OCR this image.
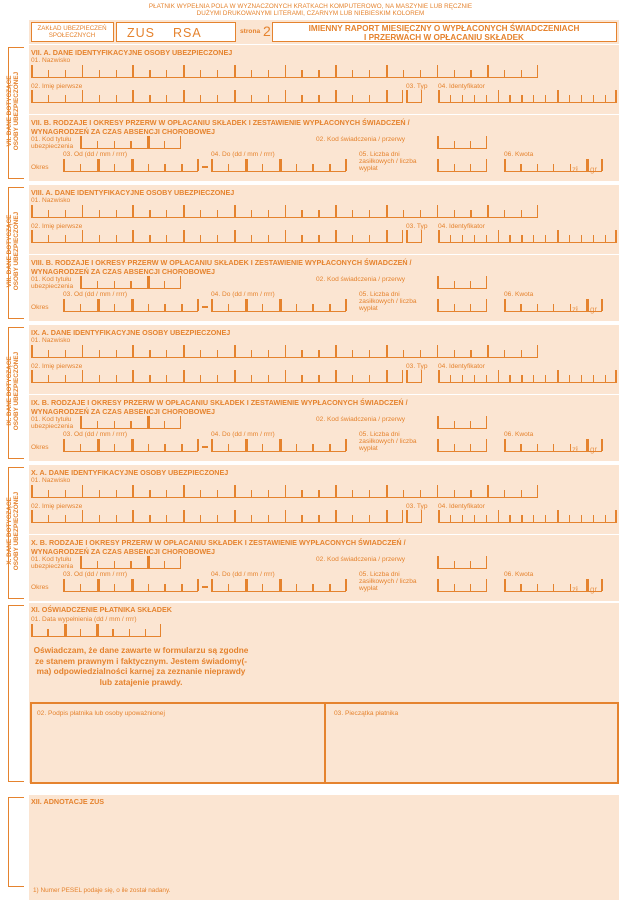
PŁATNIK WYPEŁNIA POLA W WYZNACZONYCH KRATKACH KOMPUTEROWO, NA MASZYNIE LUB RĘCZNIE
DUŻYMI DRUKOWANYMI LITERAMI, CZARNYM LUB NIEBIESKIM KOLOREM
ZAKŁAD UBEZPIECZEŃ
SPOŁECZNYCH	ZUS RSA	strona 2	IMIENNY RAPORT MIESIĘCZNY O WYPŁACONYCH ŚWIADCZENIACH
I PRZERWACH W OPŁACANIU SKŁADEK
VII. DANE DOTYCZĄCE OSOBY UBEZPIECZONEJ
VII. A. DANE IDENTYFIKACYJNE OSOBY UBEZPIECZONEJ
01. Nazwisko
02. Imię pierwsze	03. Typ 04. Identyfikator
VII. B. RODZAJE I OKRESY PRZERW W OPŁACANIU SKŁADEK I ZESTAWIENIE WYPŁACONYCH ŚWIADCZEŃ /
WYNAGRODZEŃ ZA CZAS ABSENCJI CHOROBOWEJ
01. Kod tytułu
ubezpieczenia
02. Kod świadczenia / przerwy
Okres
03. Od (dd / mm / rrrr)	04. Do (dd / mm / rrrr)	05. Liczba dni
zasiłkowych / liczba
wypłat
06. Kwota
zł gr
VIII. DANE DOTYCZĄCE OSOBY UBEZPIECZONEJ
VIII. A. DANE IDENTYFIKACYJNE OSOBY UBEZPIECZONEJ
01. Nazwisko
02. Imię pierwsze	03. Typ 04. Identyfikator
VIII. B. RODZAJE I OKRESY PRZERW W OPŁACANIU SKŁADEK I ZESTAWIENIE WYPŁACONYCH ŚWIADCZEŃ /
WYNAGRODZEŃ ZA CZAS ABSENCJI CHOROBOWEJ
01. Kod tytułu
ubezpieczenia
02. Kod świadczenia / przerwy
Okres
03. Od (dd / mm / rrrr)	04. Do (dd / mm / rrrr)	05. Liczba dni
zasiłkowych / liczba
wypłat
06. Kwota
zł gr
IX. DANE DOTYCZĄCE OSOBY UBEZPIECZONEJ
IX. A. DANE IDENTYFIKACYJNE OSOBY UBEZPIECZONEJ
01. Nazwisko
02. Imię pierwsze	03. Typ 04. Identyfikator
IX. B. RODZAJE I OKRESY PRZERW W OPŁACANIU SKŁADEK I ZESTAWIENIE WYPŁACONYCH ŚWIADCZEŃ /
WYNAGRODZEŃ ZA CZAS ABSENCJI CHOROBOWEJ
01. Kod tytułu
ubezpieczenia
02. Kod świadczenia / przerwy
Okres
03. Od (dd / mm / rrrr)	04. Do (dd / mm / rrrr)	05. Liczba dni
zasiłkowych / liczba
wypłat
06. Kwota
zł gr
X. DANE DOTYCZĄCE OSOBY UBEZPIECZONEJ
X. A. DANE IDENTYFIKACYJNE OSOBY UBEZPIECZONEJ
01. Nazwisko
02. Imię pierwsze	03. Typ 04. Identyfikator
X. B. RODZAJE I OKRESY PRZERW W OPŁACANIU SKŁADEK I ZESTAWIENIE WYPŁACONYCH ŚWIADCZEŃ /
WYNAGRODZEŃ ZA CZAS ABSENCJI CHOROBOWEJ
01. Kod tytułu
ubezpieczenia
02. Kod świadczenia / przerwy
Okres
03. Od (dd / mm / rrrr)	04. Do (dd / mm / rrrr)	05. Liczba dni
zasiłkowych / liczba
wypłat
06. Kwota
zł gr
XI. OŚWIADCZENIE PŁATNIKA SKŁADEK
01. Data wypełnienia (dd / mm / rrrr)
Oświadczam, że dane zawarte w formularzu są zgodne ze stanem prawnym i faktycznym. Jestem świadomy(-ma) odpowiedzialności karnej za zeznanie nieprawdy lub zatajenie prawdy.
02. Podpis płatnika lub osoby upoważnionej	03. Pieczątka płatnika
XII. ADNOTACJE ZUS
1) Numer PESEL podaje się, o ile został nadany.
